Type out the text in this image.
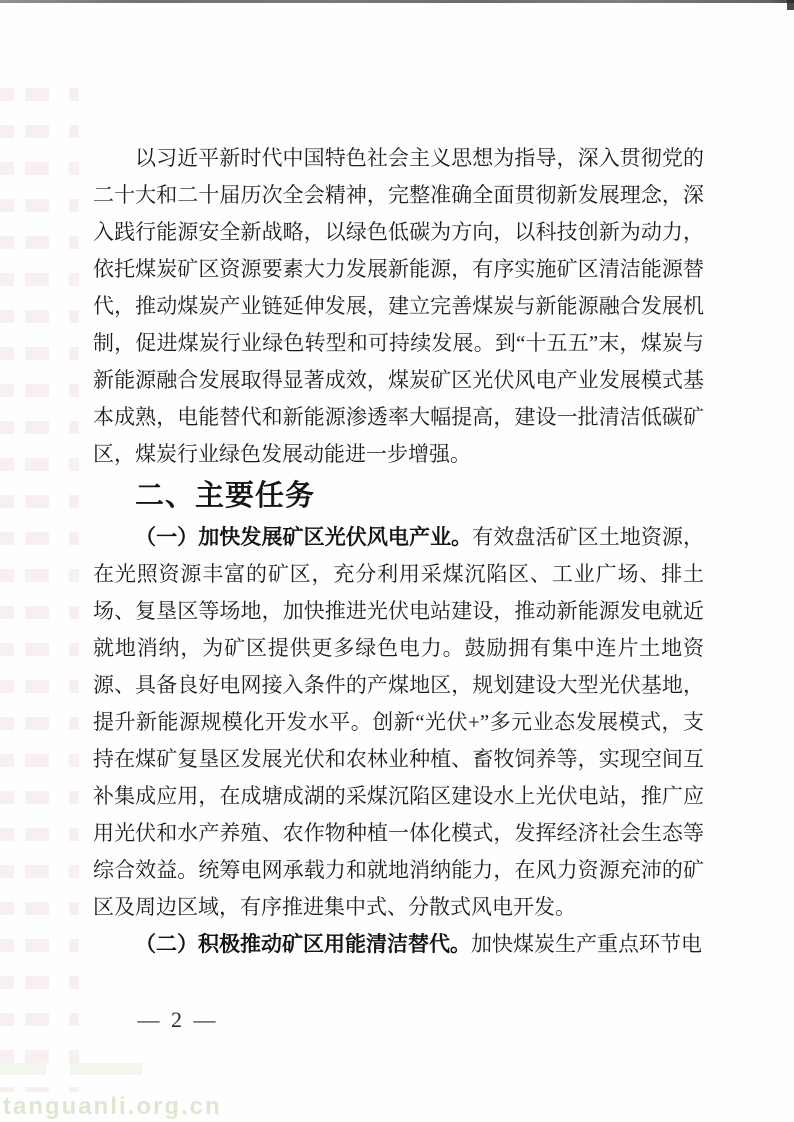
以习近平新时代中国特色社会主义思想为指导，深入贯彻党的二十大和二十届历次全会精神，完整准确全面贯彻新发展理念，深入践行能源安全新战略，以绿色低碳为方向，以科技创新为动力，依托煤炭矿区资源要素大力发展新能源，有序实施矿区清洁能源替代，推动煤炭产业链延伸发展，建立完善煤炭与新能源融合发展机制，促进煤炭行业绿色转型和可持续发展。到“十五五”末，煤炭与新能源融合发展取得显著成效，煤炭矿区光伏风电产业发展模式基本成熟，电能替代和新能源渗透率大幅提高，建设一批清洁低碳矿区，煤炭行业绿色发展动能进一步增强。

二、主要任务

（一）加快发展矿区光伏风电产业。有效盘活矿区土地资源，在光照资源丰富的矿区，充分利用采煤沉陷区、工业广场、排土场、复垦区等场地，加快推进光伏电站建设，推动新能源发电就近就地消纳，为矿区提供更多绿色电力。鼓励拥有集中连片土地资源、具备良好电网接入条件的产煤地区，规划建设大型光伏基地，提升新能源规模化开发水平。创新“光伏+”多元业态发展模式，支持在煤矿复垦区发展光伏和农林业种植、畜牧饲养等，实现空间互补集成应用，在成塘成湖的采煤沉陷区建设水上光伏电站，推广应用光伏和水产养殖、农作物种植一体化模式，发挥经济社会生态等综合效益。统筹电网承载力和就地消纳能力，在风力资源充沛的矿区及周边区域，有序推进集中式、分散式风电开发。

（二）积极推动矿区用能清洁替代。加快煤炭生产重点环节电

— 2 —
tanguanli.org.cn
